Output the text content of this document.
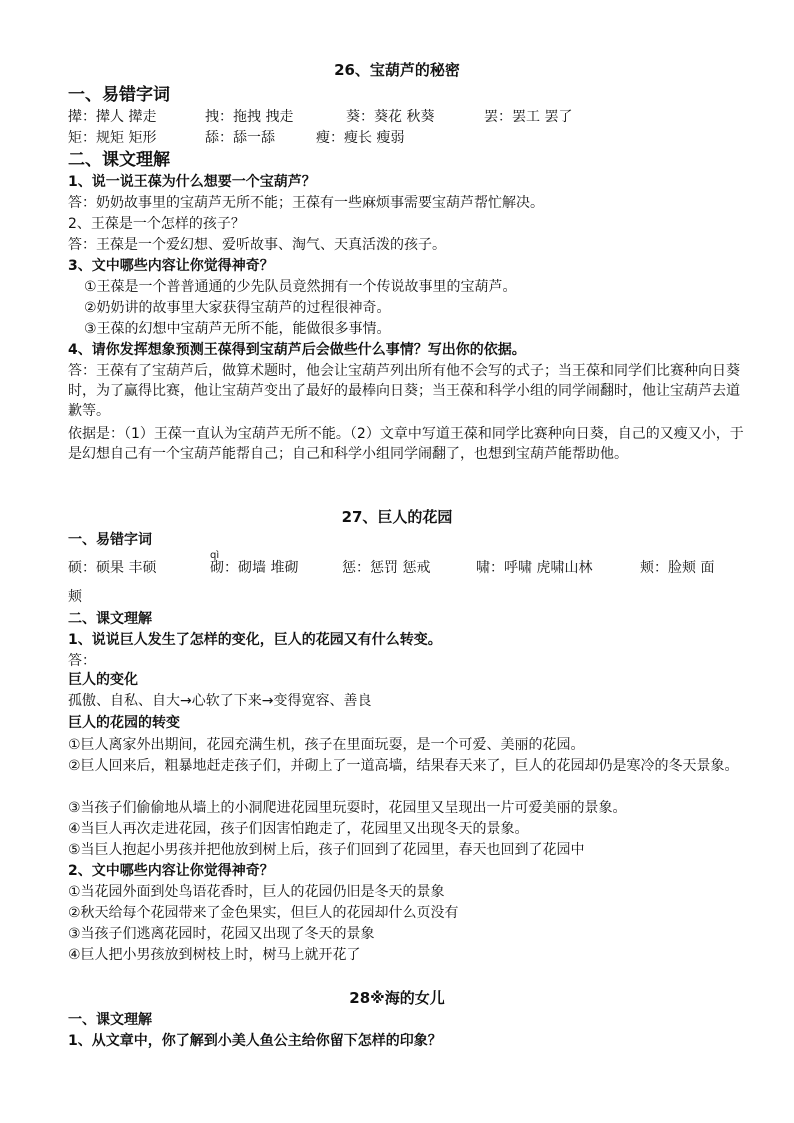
26、宝葫芦的秘密
一、易错字词
撵：撵人 撵走	拽：拖拽 拽走	葵：葵花 秋葵	罢：罢工 罢了
矩：规矩 矩形	舔：舔一舔	瘦：瘦长 瘦弱
二、课文理解
1、说一说王葆为什么想要一个宝葫芦？
答：奶奶故事里的宝葫芦无所不能；王葆有一些麻烦事需要宝葫芦帮忙解决。
2、王葆是一个怎样的孩子？
答：王葆是一个爱幻想、爱听故事、淘气、天真活泼的孩子。
3、文中哪些内容让你觉得神奇？
①王葆是一个普普通通的少先队员竟然拥有一个传说故事里的宝葫芦。
②奶奶讲的故事里大家获得宝葫芦的过程很神奇。
③王葆的幻想中宝葫芦无所不能，能做很多事情。
4、请你发挥想象预测王葆得到宝葫芦后会做些什么事情？写出你的依据。
答：王葆有了宝葫芦后，做算术题时，他会让宝葫芦列出所有他不会写的式子；当王葆和同学们比赛种向日葵时，为了赢得比赛，他让宝葫芦变出了最好的最棒向日葵；当王葆和科学小组的同学闹翻时，他让宝葫芦去道歉等。
依据是：（1）王葆一直认为宝葫芦无所不能。（2）文章中写道王葆和同学比赛种向日葵，自己的又瘦又小，于是幻想自己有一个宝葫芦能帮自己；自己和科学小组同学闹翻了，也想到宝葫芦能帮助他。
27、巨人的花园
一、易错字词
qì
硕：硕果 丰硕	砌：砌墙 堆砌	惩：惩罚 惩戒	啸：呼啸 虎啸山林	颊：脸颊 面
颊
二、课文理解
1、说说巨人发生了怎样的变化，巨人的花园又有什么转变。
答：
巨人的变化
孤傲、自私、自大→心软了下来→变得宽容、善良
巨人的花园的转变
①巨人离家外出期间，花园充满生机，孩子在里面玩耍，是一个可爱、美丽的花园。
②巨人回来后，粗暴地赶走孩子们，并砌上了一道高墙，结果春天来了，巨人的花园却仍是寒冷的冬天景象。
③当孩子们偷偷地从墙上的小洞爬进花园里玩耍时，花园里又呈现出一片可爱美丽的景象。
④当巨人再次走进花园，孩子们因害怕跑走了，花园里又出现冬天的景象。
⑤当巨人抱起小男孩并把他放到树上后，孩子们回到了花园里，春天也回到了花园中
2、文中哪些内容让你觉得神奇？
①当花园外面到处鸟语花香时，巨人的花园仍旧是冬天的景象
②秋天给每个花园带来了金色果实，但巨人的花园却什么页没有
③当孩子们逃离花园时，花园又出现了冬天的景象
④巨人把小男孩放到树枝上时，树马上就开花了
28※海的女儿
一、课文理解
1、从文章中，你了解到小美人鱼公主给你留下怎样的印象？
